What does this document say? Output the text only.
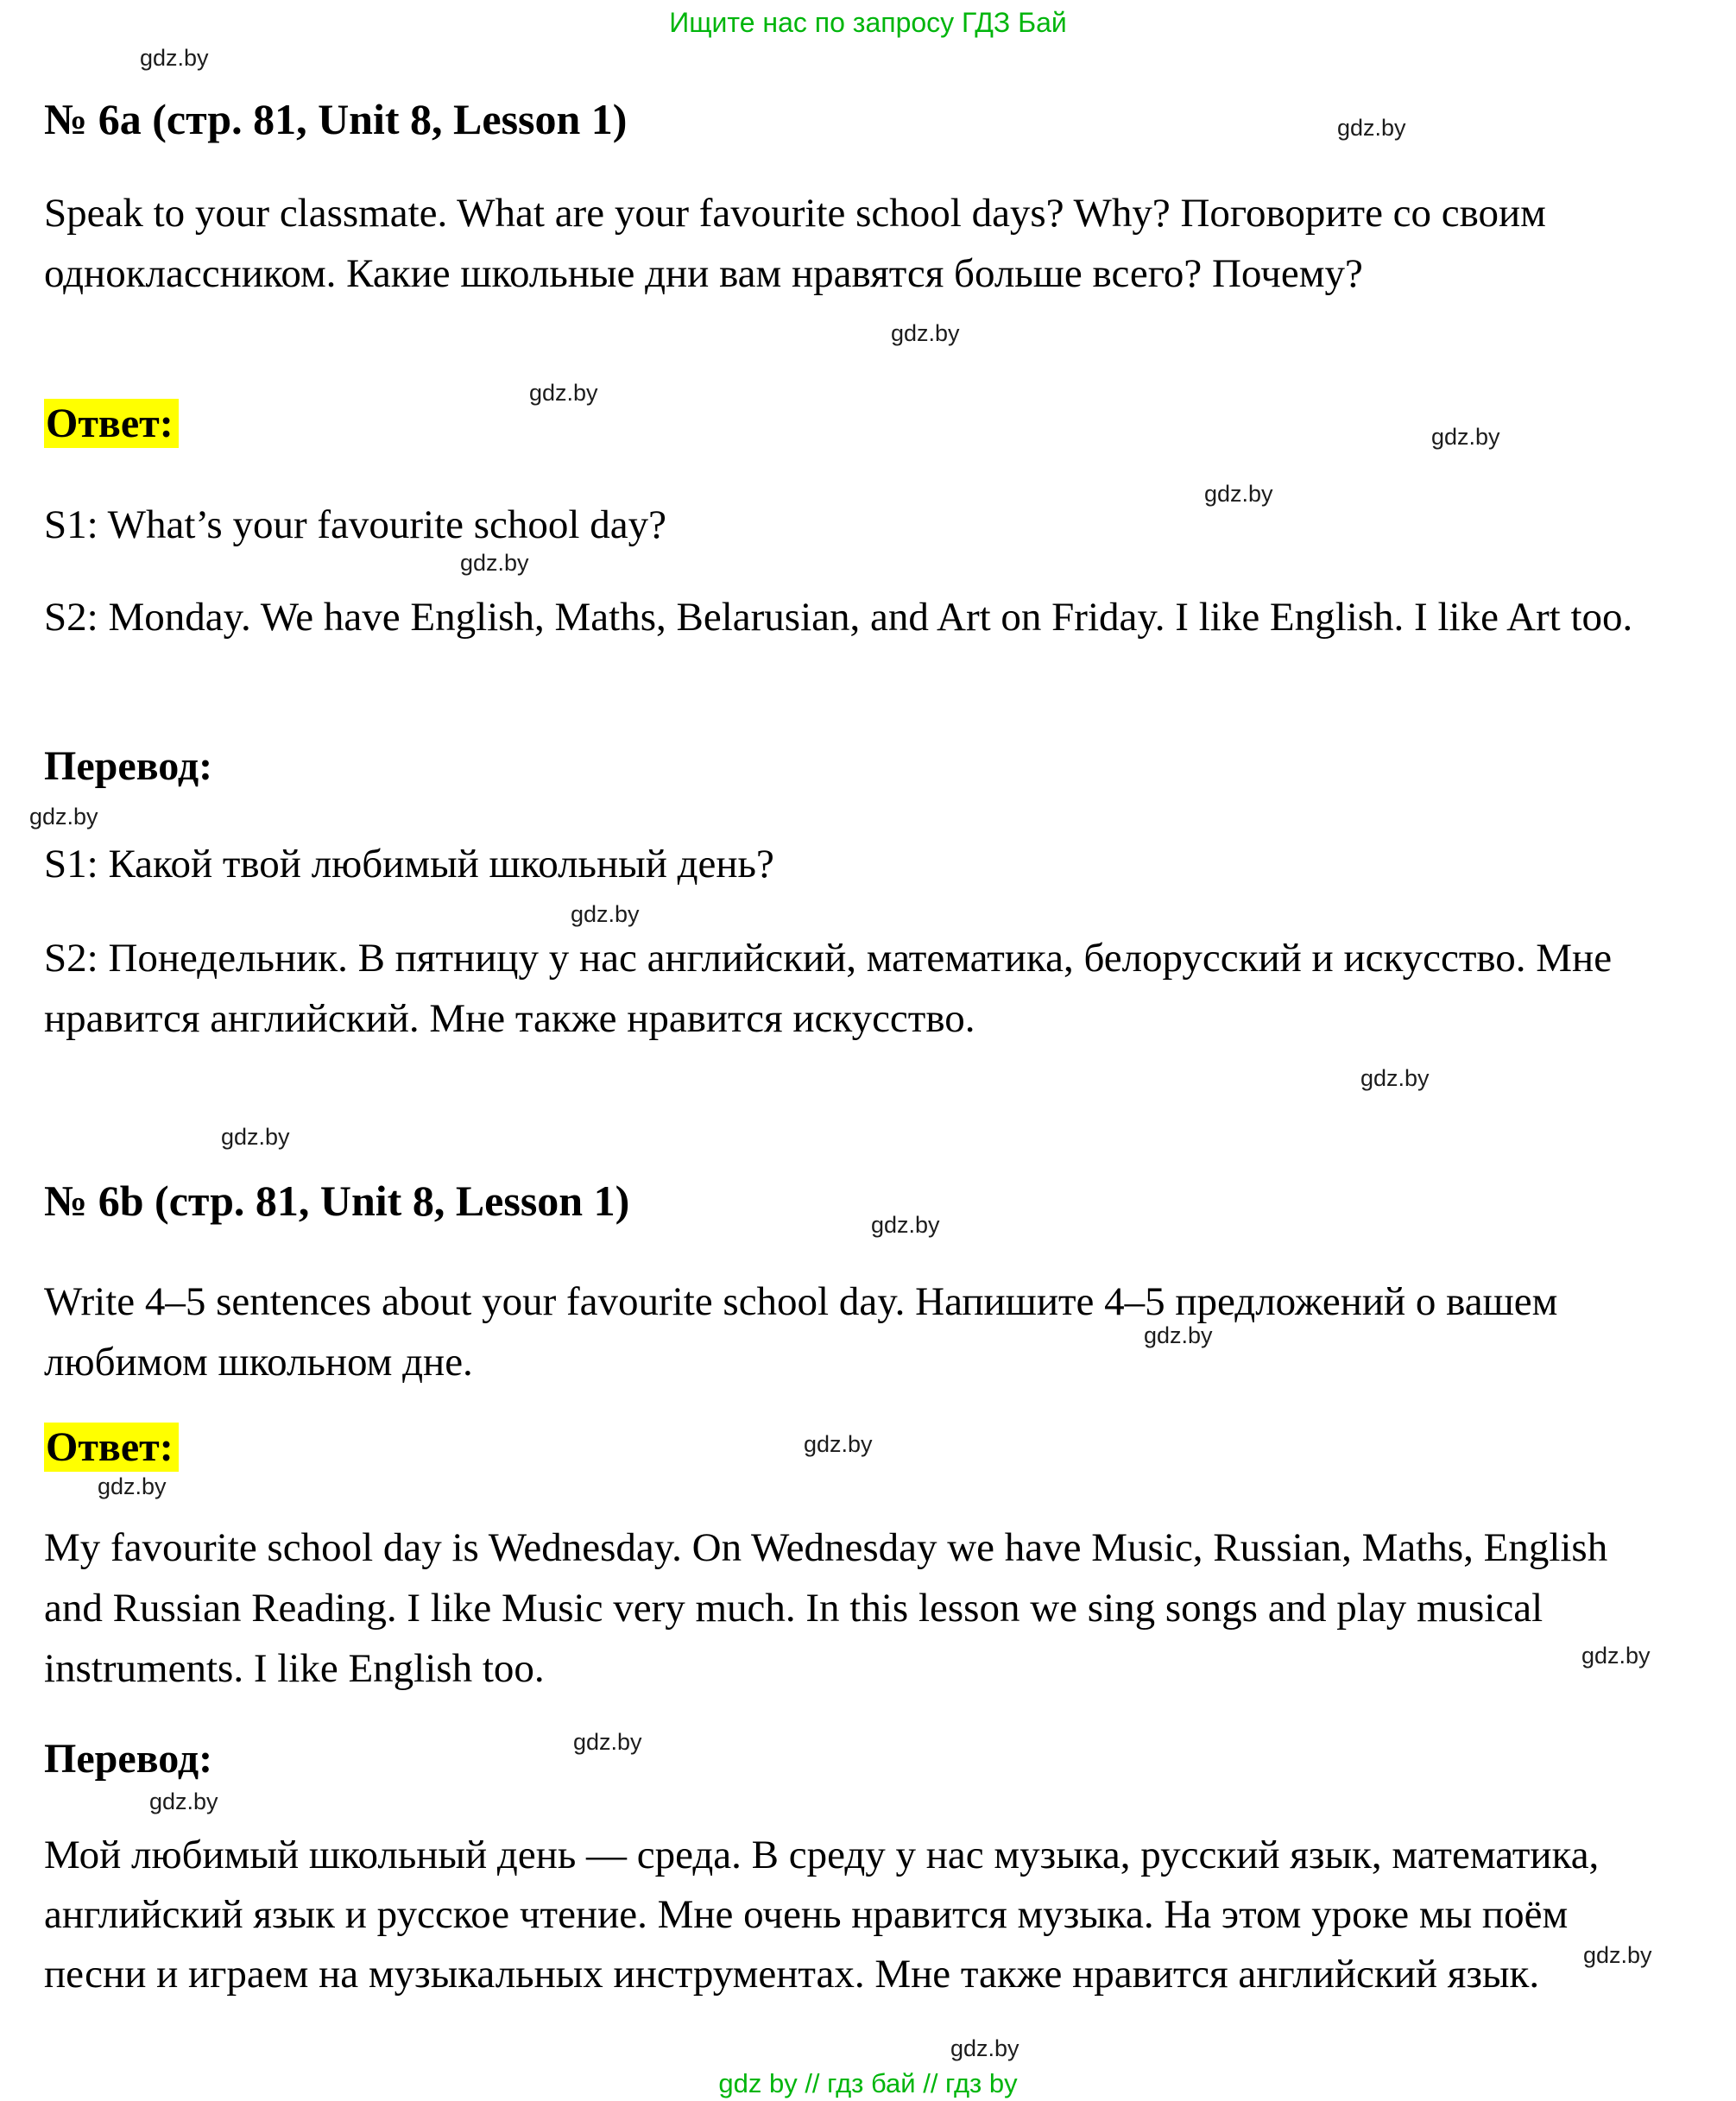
Ищите нас по запросу ГДЗ Бай
№ 6a (стр. 81, Unit 8, Lesson 1)
Speak to your classmate. What are your favourite school days? Why? Поговорите со своим одноклассником. Какие школьные дни вам нравятся больше всего? Почему?
Ответ:
S1: What’s your favourite school day?
S2: Monday. We have English, Maths, Belarusian, and Art on Friday. I like English. I like Art too.
Перевод:
S1: Какой твой любимый школьный день?
S2: Понедельник. В пятницу у нас английский, математика, белорусский и искусство. Мне нравится английский. Мне также нравится искусство.
№ 6b (стр. 81, Unit 8, Lesson 1)
Write 4–5 sentences about your favourite school day. Напишите 4–5 предложений о вашем любимом школьном дне.
Ответ:
My favourite school day is Wednesday. On Wednesday we have Music, Russian, Maths, English and Russian Reading. I like Music very much. In this lesson we sing songs and play musical instruments. I like English too.
Перевод:
Мой любимый школьный день — среда. В среду у нас музыка, русский язык, математика, английский язык и русское чтение. Мне очень нравится музыка. На этом уроке мы поём песни и играем на музыкальных инструментах. Мне также нравится английский язык.
gdz by // гдз бай // гдз by
gdz.by
gdz.by
gdz.by
gdz.by
gdz.by
gdz.by
gdz.by
gdz.by
gdz.by
gdz.by
gdz.by
gdz.by
gdz.by
gdz.by
gdz.by
gdz.by
gdz.by
gdz.by
gdz.by
gdz.by
